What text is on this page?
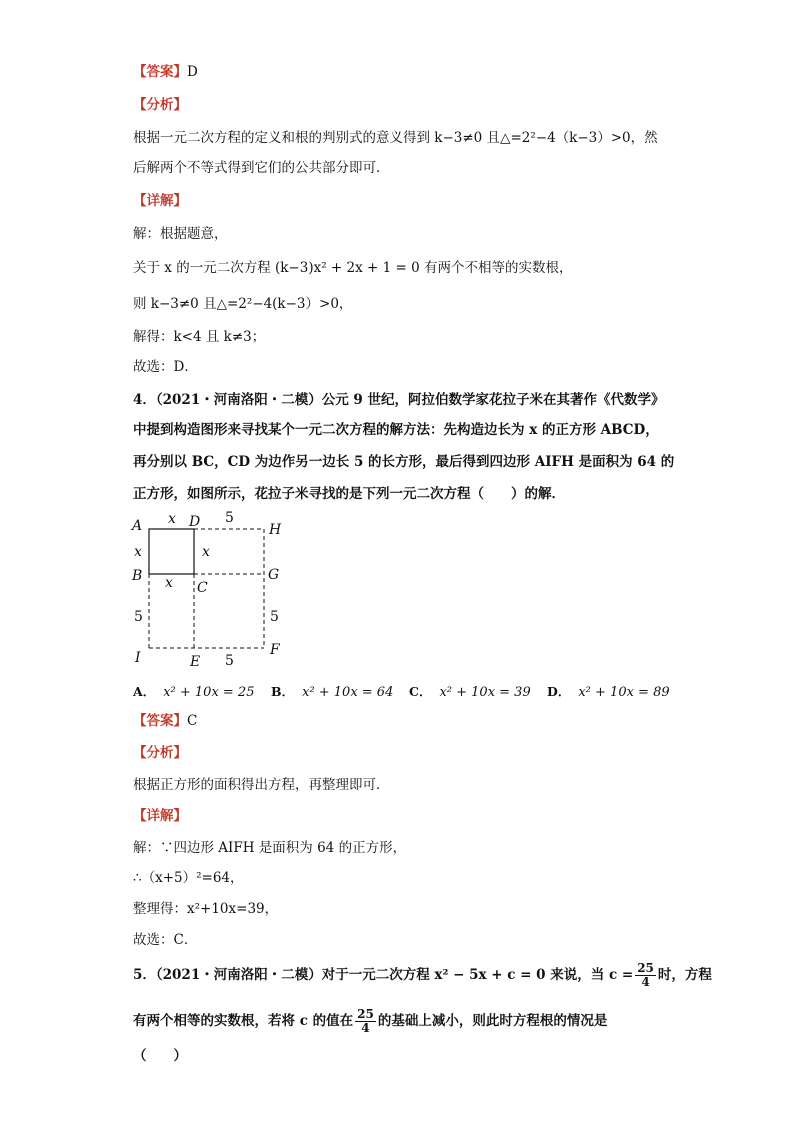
【答案】D
【分析】
根据一元二次方程的定义和根的判别式的意义得到 k−3≠0 且△=2²−4（k−3）>0，然
后解两个不等式得到它们的公共部分即可．
【详解】
解：根据题意，
关于 x 的一元二次方程 (k−3)x² + 2x + 1 = 0 有两个不相等的实数根，
则 k−3≠0 且△=2²−4(k−3）>0，
解得：k<4 且 k≠3；
故选：D．
4．（2021・河南洛阳・二模）公元 9 世纪，阿拉伯数学家花拉子米在其著作《代数学》
中提到构造图形来寻找某个一元二次方程的解方法：先构造边长为 x 的正方形 ABCD，
再分别以 BC，CD 为边作另一边长 5 的长方形，最后得到四边形 AIFH 是面积为 64 的
正方形，如图所示，花拉子米寻找的是下列一元二次方程（　　）的解．
A	D	H
B
C
G
I	E
F
x
x	x
x
5
5	5
5
A． x² + 10x = 25 B． x² + 10x = 64 C． x² + 10x = 39 D． x² + 10x = 89
【答案】C
【分析】
根据正方形的面积得出方程，再整理即可．
【详解】
解：∵四边形 AIFH 是面积为 64 的正方形，
∴（x+5）²=64，
整理得：x²+10x=39，
故选：C．
5．（2021・河南洛阳・二模）对于一元二次方程 x² − 5x + c = 0 来说，当 $c = \frac{25}{4}$ 时，方程
有两个相等的实数根，若将 c 的值在 $\frac{25}{4}$ 的基础上减小，则此时方程根的情况是
（　　）
